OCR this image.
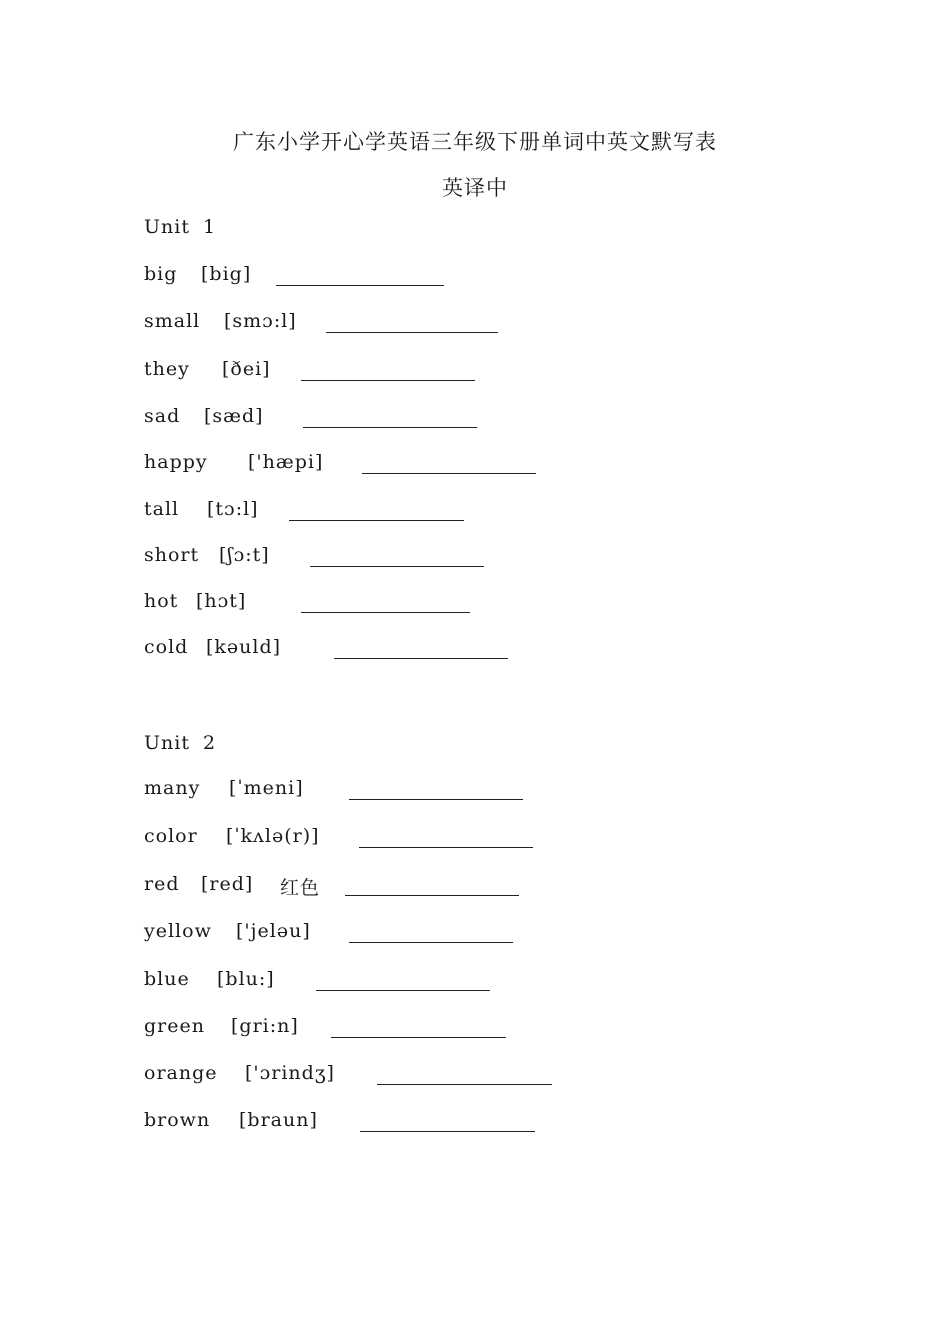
广东小学开心学英语三年级下册单词中英文默写表
英译中
Unit 1
big [big]
small [smɔ:l]
they [ðei]
sad [sæd]
happy ['hæpi]
tall [tɔ:l]
short [ʃɔ:t]
hot [hɔt]
cold [kəuld]
Unit 2
many [ˈmeni]
color [ˈkʌlə(r)]
red [red] 红色
yellow ['jeləu]
blue [blu:]
green [gri:n]
orange ['ɔrindʒ]
brown [braun]
